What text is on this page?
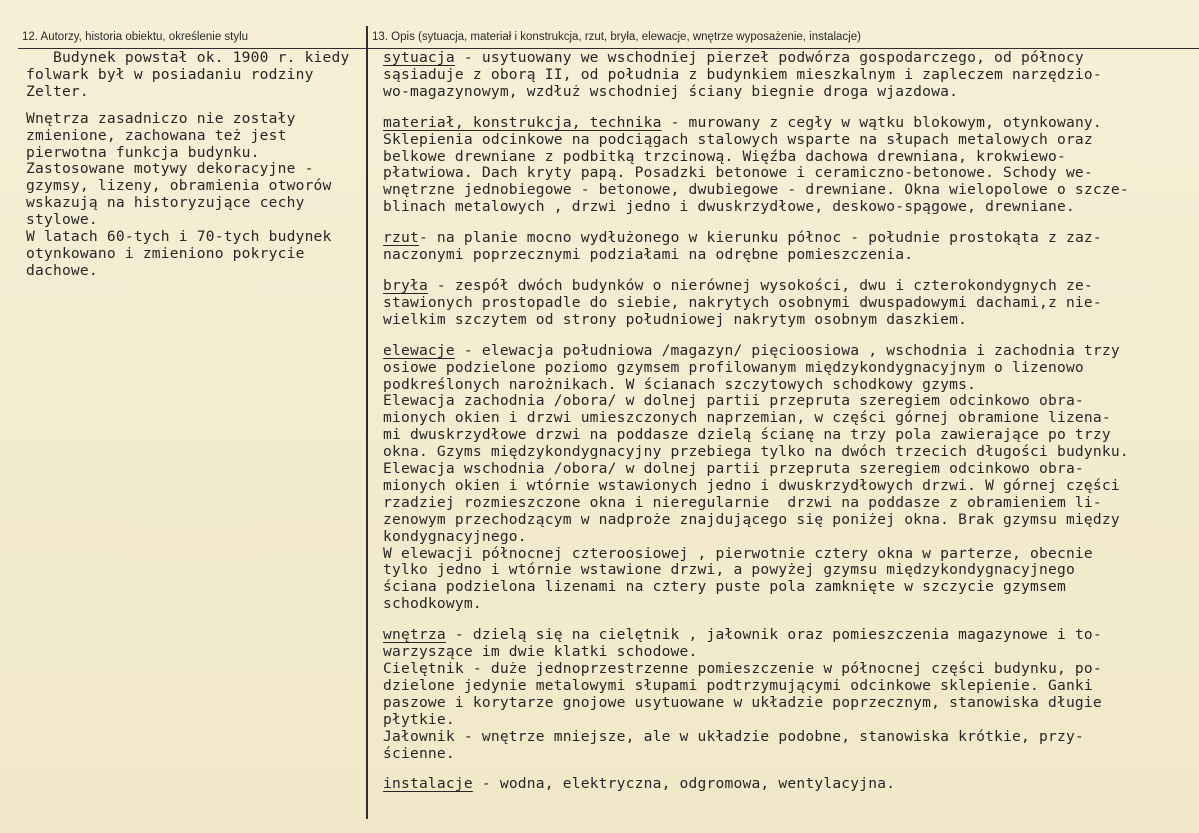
12. Autorzy, historia obiektu, określenie stylu	13. Opis (sytuacja, materiał i konstrukcja, rzut, bryła, elewacje, wnętrze wyposażenie, instalacje)
Budynek powstał ok. 1900 r. kiedy
folwark był w posiadaniu rodziny
Zelter.
Wnętrza zasadniczo nie zostały
zmienione, zachowana też jest
pierwotna funkcja budynku.
Zastosowane motywy dekoracyjne -
gzymsy, lizeny, obramienia otworów
wskazują na historyzujące cechy
stylowe.
W latach 60-tych i 70-tych budynek
otynkowano i zmieniono pokrycie
dachowe.
sytuacja - usytuowany we wschodniej pierzeł podwórza gospodarczego, od północy
sąsiaduje z oborą II, od południa z budynkiem mieszkalnym i zapleczem narzędzio-
wo-magazynowym, wzdłuż wschodniej ściany biegnie droga wjazdowa.
materiał, konstrukcja, technika - murowany z cegły w wątku blokowym, otynkowany.
Sklepienia odcinkowe na podciągach stalowych wsparte na słupach metalowych oraz
belkowe drewniane z podbitką trzcinową. Więźba dachowa drewniana, krokwiewo-
płatwiowa. Dach kryty papą. Posadzki betonowe i ceramiczno-betonowe. Schody we-
wnętrzne jednobiegowe - betonowe, dwubiegowe - drewniane. Okna wielopolowe o szcze-
blinach metalowych , drzwi jedno i dwuskrzydłowe, deskowo-spągowe, drewniane.
rzut- na planie mocno wydłużonego w kierunku północ - południe prostokąta z zaz-
naczonymi poprzecznymi podziałami na odrębne pomieszczenia.
bryła - zespół dwóch budynków o nierównej wysokości, dwu i czterokondygnych ze-
stawionych prostopadle do siebie, nakrytych osobnymi dwuspadowymi dachami,z nie-
wielkim szczytem od strony południowej nakrytym osobnym daszkiem.
elewacje - elewacja południowa /magazyn/ pięcioosiowa , wschodnia i zachodnia trzy
osiowe podzielone poziomo gzymsem profilowanym międzykondygnacyjnym o lizenowo
podkreślonych narożnikach. W ścianach szczytowych schodkowy gzyms.
Elewacja zachodnia /obora/ w dolnej partii przepruta szeregiem odcinkowo obra-
mionych okien i drzwi umieszczonych naprzemian, w części górnej obramione lizena-
mi dwuskrzydłowe drzwi na poddasze dzielą ścianę na trzy pola zawierające po trzy
okna. Gzyms międzykondygnacyjny przebiega tylko na dwóch trzecich długości budynku.
Elewacja wschodnia /obora/ w dolnej partii przepruta szeregiem odcinkowo obra-
mionych okien i wtórnie wstawionych jedno i dwuskrzydłowych drzwi. W górnej części
rzadziej rozmieszczone okna i nieregularnie  drzwi na poddasze z obramieniem li-
zenowym przechodzącym w nadproże znajdującego się poniżej okna. Brak gzymsu między
kondygnacyjnego.
W elewacji północnej czteroosiowej , pierwotnie cztery okna w parterze, obecnie
tylko jedno i wtórnie wstawione drzwi, a powyżej gzymsu międzykondygnacyjnego
ściana podzielona lizenami na cztery puste pola zamknięte w szczycie gzymsem
schodkowym.
wnętrza - dzielą się na cielętnik , jałownik oraz pomieszczenia magazynowe i to-
warzyszące im dwie klatki schodowe.
Cielętnik - duże jednoprzestrzenne pomieszczenie w północnej części budynku, po-
dzielone jedynie metalowymi słupami podtrzymującymi odcinkowe sklepienie. Ganki
paszowe i korytarze gnojowe usytuowane w układzie poprzecznym, stanowiska długie
płytkie.
Jałownik - wnętrze mniejsze, ale w układzie podobne, stanowiska krótkie, przy-
ścienne.
instalacje - wodna, elektryczna, odgromowa, wentylacyjna.
